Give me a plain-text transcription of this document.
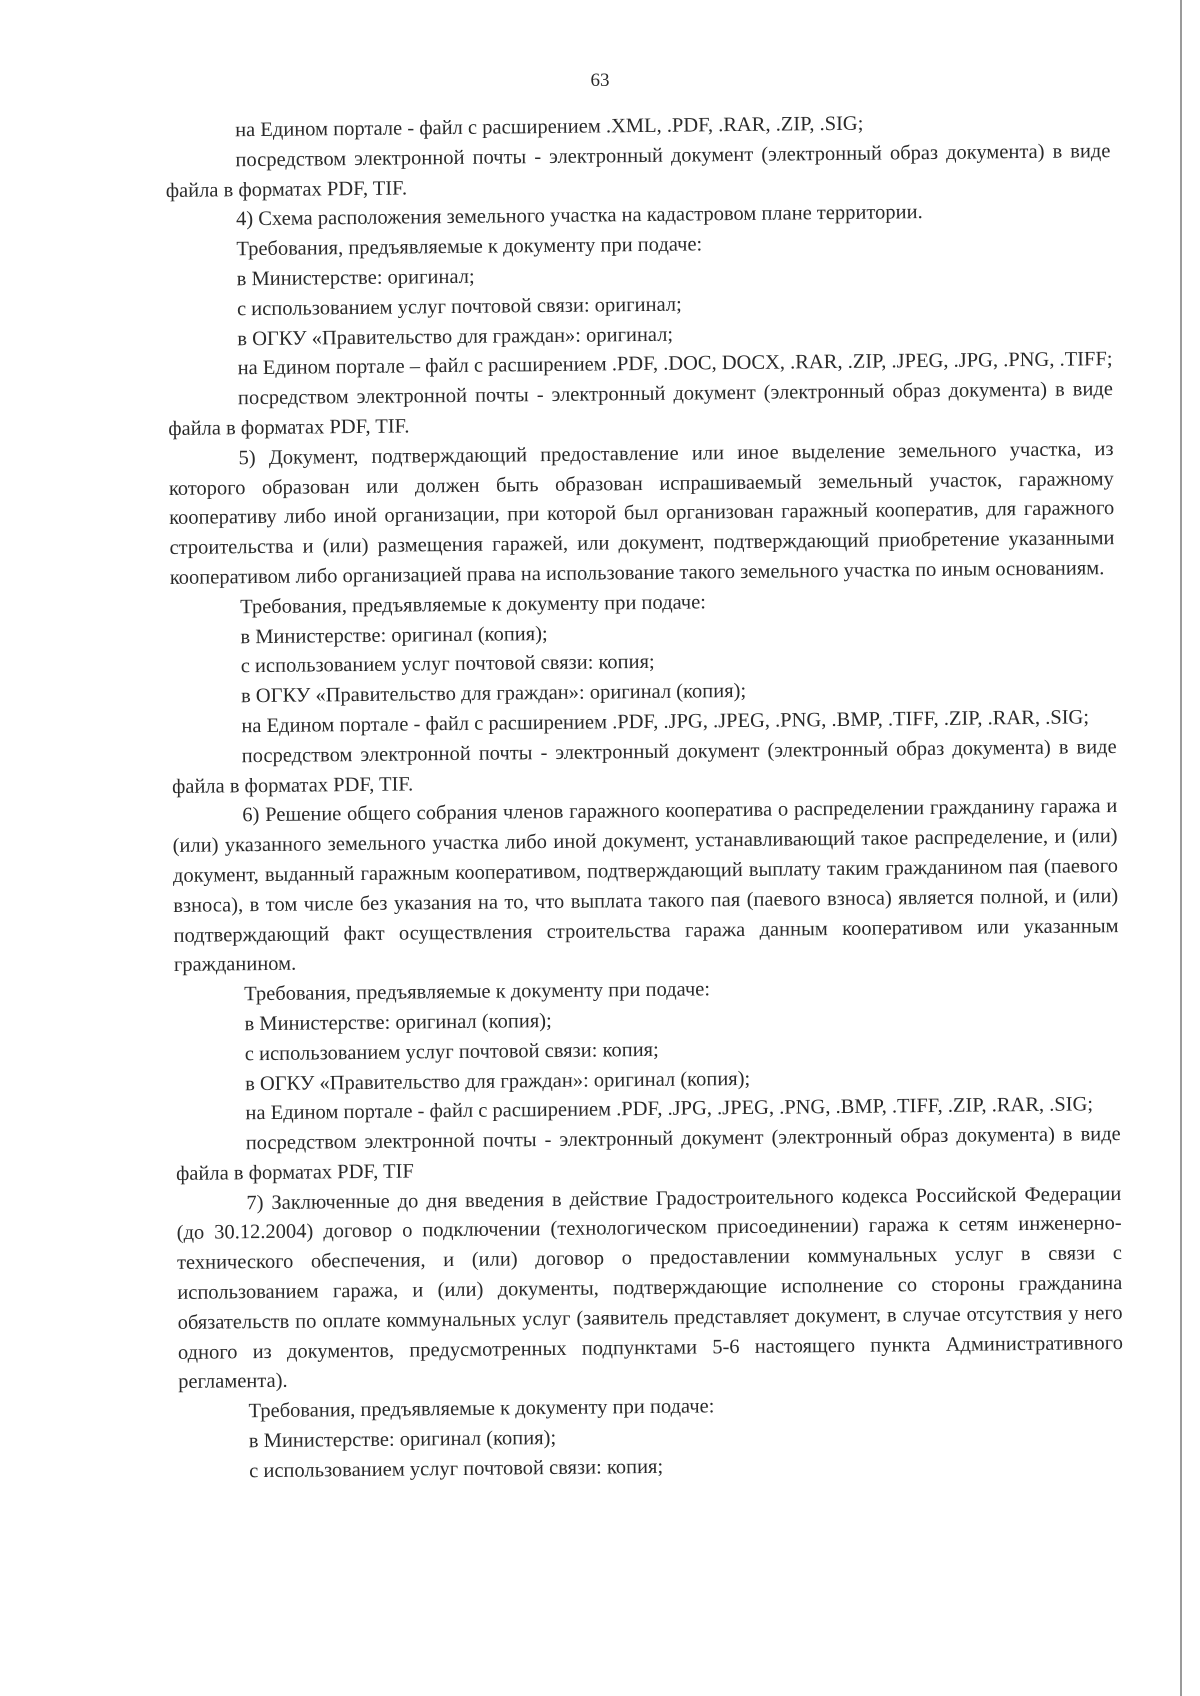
63

на Едином портале - файл с расширением .XML, .PDF, .RAR, .ZIP, .SIG;

посредством электронной почты - электронный документ (электронный образ документа) в виде файла в форматах PDF, TIF.

4) Схема расположения земельного участка на кадастровом плане территории.

Требования, предъявляемые к документу при подаче:

в Министерстве: оригинал;

с использованием услуг почтовой связи: оригинал;

в ОГКУ «Правительство для граждан»: оригинал;

на Едином портале – файл с расширением .PDF, .DOC, DOCX, .RAR, .ZIP, .JPEG, .JPG, .PNG, .TIFF;

посредством электронной почты - электронный документ (электронный образ документа) в виде файла в форматах PDF, TIF.

5) Документ, подтверждающий предоставление или иное выделение земельного участка, из которого образован или должен быть образован испрашиваемый земельный участок, гаражному кооперативу либо иной организации, при которой был организован гаражный кооператив, для гаражного строительства и (или) размещения гаражей, или документ, подтверждающий приобретение указанными кооперативом либо организацией права на использование такого земельного участка по иным основаниям.

Требования, предъявляемые к документу при подаче:

в Министерстве: оригинал (копия);

с использованием услуг почтовой связи: копия;

в ОГКУ «Правительство для граждан»: оригинал (копия);

на Едином портале - файл с расширением .PDF, .JPG, .JPEG, .PNG, .BMP, .TIFF, .ZIP, .RAR, .SIG;

посредством электронной почты - электронный документ (электронный образ документа) в виде файла в форматах PDF, TIF.

6) Решение общего собрания членов гаражного кооператива о распределении гражданину гаража и (или) указанного земельного участка либо иной документ, устанавливающий такое распределение, и (или) документ, выданный гаражным кооперативом, подтверждающий выплату таким гражданином пая (паевого взноса), в том числе без указания на то, что выплата такого пая (паевого взноса) является полной, и (или) подтверждающий факт осуществления строительства гаража данным кооперативом или указанным гражданином.

Требования, предъявляемые к документу при подаче:

в Министерстве: оригинал (копия);

с использованием услуг почтовой связи: копия;

в ОГКУ «Правительство для граждан»: оригинал (копия);

на Едином портале - файл с расширением .PDF, .JPG, .JPEG, .PNG, .BMP, .TIFF, .ZIP, .RAR, .SIG;

посредством электронной почты - электронный документ (электронный образ документа) в виде файла в форматах PDF, TIF

7) Заключенные до дня введения в действие Градостроительного кодекса Российской Федерации (до 30.12.2004) договор о подключении (технологическом присоединении) гаража к сетям инженерно-технического обеспечения, и (или) договор о предоставлении коммунальных услуг в связи с использованием гаража, и (или) документы, подтверждающие исполнение со стороны гражданина обязательств по оплате коммунальных услуг (заявитель представляет документ, в случае отсутствия у него одного из документов, предусмотренных подпунктами 5-6 настоящего пункта Административного регламента).

Требования, предъявляемые к документу при подаче:

в Министерстве: оригинал (копия);

с использованием услуг почтовой связи: копия;
